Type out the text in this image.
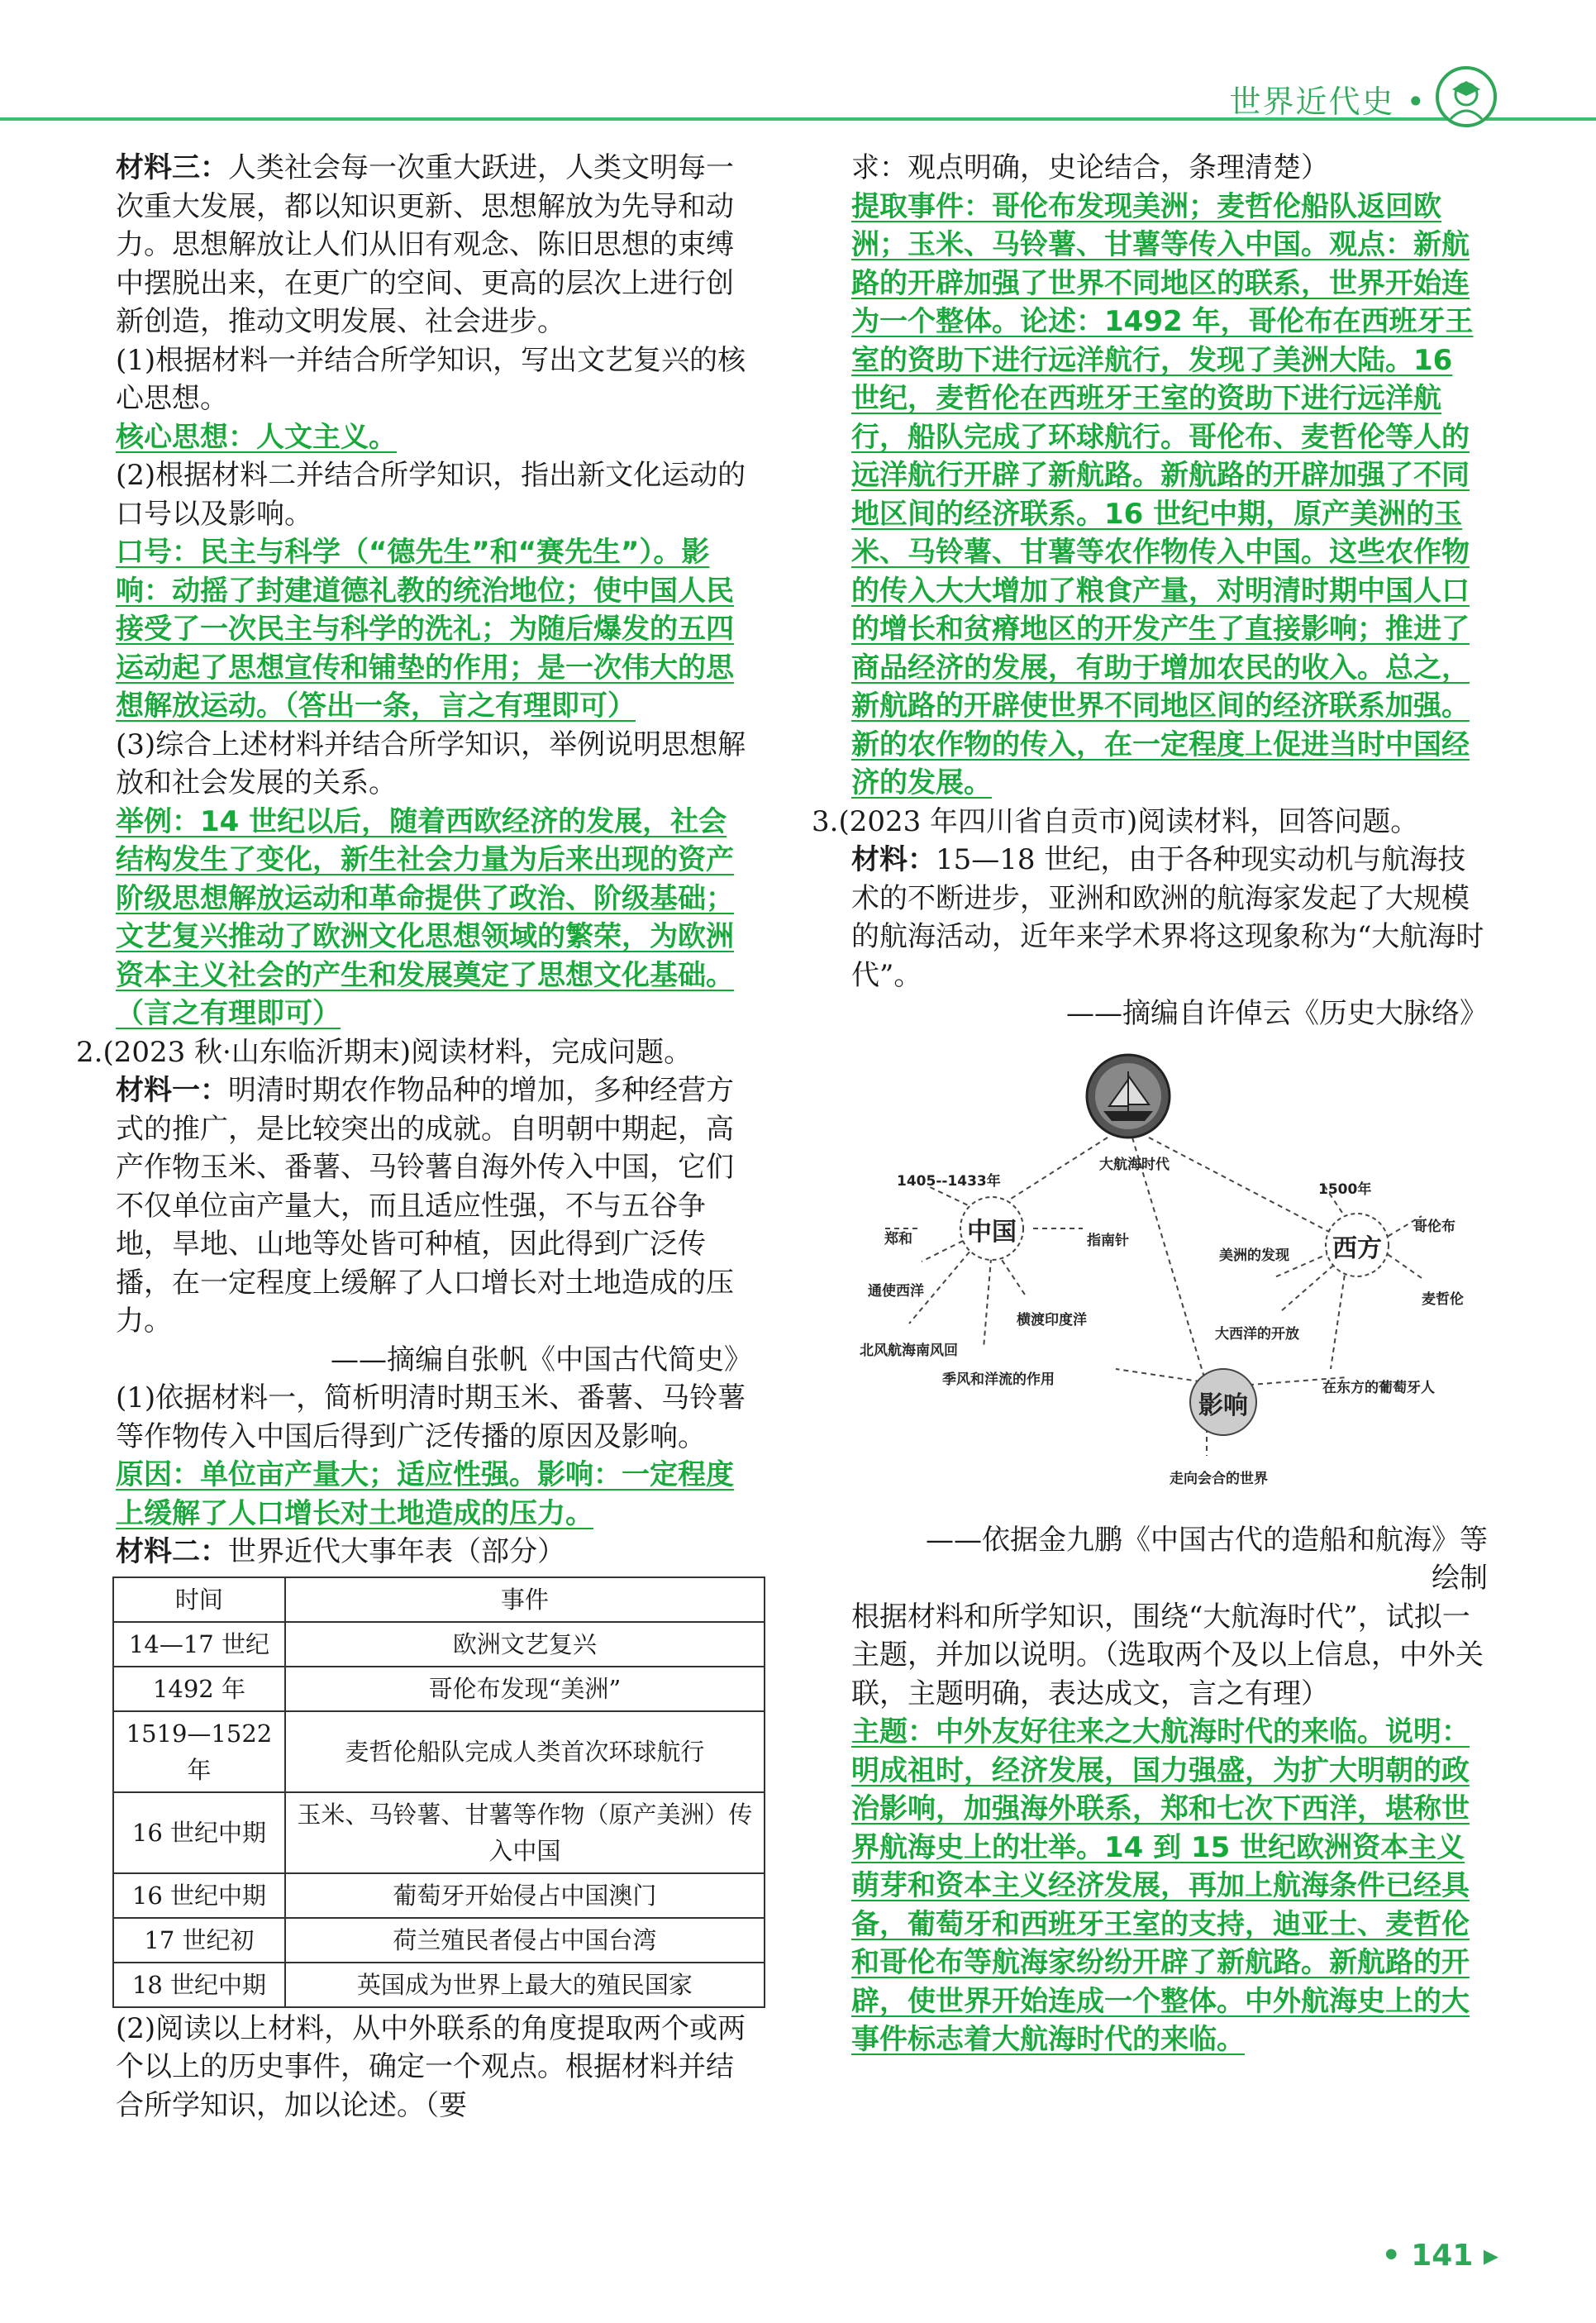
世界近代史 •

材料三：人类社会每一次重大跃进，人类文明每一次重大发展，都以知识更新、思想解放为先导和动力。思想解放让人们从旧有观念、陈旧思想的束缚中摆脱出来，在更广的空间、更高的层次上进行创新创造，推动文明发展、社会进步。

(1)根据材料一并结合所学知识，写出文艺复兴的核心思想。

核心思想：人文主义。

(2)根据材料二并结合所学知识，指出新文化运动的口号以及影响。

口号：民主与科学（“德先生”和“赛先生”）。影响：动摇了封建道德礼教的统治地位；使中国人民接受了一次民主与科学的洗礼；为随后爆发的五四运动起了思想宣传和铺垫的作用；是一次伟大的思想解放运动。（答出一条，言之有理即可）

(3)综合上述材料并结合所学知识，举例说明思想解放和社会发展的关系。

举例：14 世纪以后，随着西欧经济的发展，社会结构发生了变化，新生社会力量为后来出现的资产阶级思想解放运动和革命提供了政治、阶级基础；文艺复兴推动了欧洲文化思想领域的繁荣，为欧洲资本主义社会的产生和发展奠定了思想文化基础。（言之有理即可）

2.(2023 秋·山东临沂期末)阅读材料，完成问题。

材料一：明清时期农作物品种的增加，多种经营方式的推广，是比较突出的成就。自明朝中期起，高产作物玉米、番薯、马铃薯自海外传入中国，它们不仅单位亩产量大，而且适应性强，不与五谷争地，旱地、山地等处皆可种植，因此得到广泛传播，在一定程度上缓解了人口增长对土地造成的压力。

——摘编自张帆《中国古代简史》

(1)依据材料一，简析明清时期玉米、番薯、马铃薯等作物传入中国后得到广泛传播的原因及影响。

原因：单位亩产量大；适应性强。影响：一定程度上缓解了人口增长对土地造成的压力。

材料二：世界近代大事年表（部分）

时间	事件
14—17 世纪	欧洲文艺复兴
1492 年	哥伦布发现“美洲”
1519—1522 年	麦哲伦船队完成人类首次环球航行
16 世纪中期	玉米、马铃薯、甘薯等作物（原产美洲）传入中国
16 世纪中期	葡萄牙开始侵占中国澳门
17 世纪初	荷兰殖民者侵占中国台湾
18 世纪中期	英国成为世界上最大的殖民国家

(2)阅读以上材料，从中外联系的角度提取两个或两个以上的历史事件，确定一个观点。根据材料并结合所学知识，加以论述。（要

求：观点明确，史论结合，条理清楚）

提取事件：哥伦布发现美洲；麦哲伦船队返回欧洲；玉米、马铃薯、甘薯等传入中国。观点：新航路的开辟加强了世界不同地区的联系，世界开始连为一个整体。论述：1492 年，哥伦布在西班牙王室的资助下进行远洋航行，发现了美洲大陆。16 世纪，麦哲伦在西班牙王室的资助下进行远洋航行，船队完成了环球航行。哥伦布、麦哲伦等人的远洋航行开辟了新航路。新航路的开辟加强了不同地区间的经济联系。16 世纪中期，原产美洲的玉米、马铃薯、甘薯等农作物传入中国。这些农作物的传入大大增加了粮食产量，对明清时期中国人口的增长和贫瘠地区的开发产生了直接影响；推进了商品经济的发展，有助于增加农民的收入。总之，新航路的开辟使世界不同地区间的经济联系加强。新的农作物的传入，在一定程度上促进当时中国经济的发展。

3.(2023 年四川省自贡市)阅读材料，回答问题。

材料：15—18 世纪，由于各种现实动机与航海技术的不断进步，亚洲和欧洲的航海家发起了大规模的航海活动，近年来学术界将这现象称为“大航海时代”。

——摘编自许倬云《历史大脉络》

大航海时代
中国
西方
影响
1405--1433年
郑和	指南针
通使西洋
横渡印度洋
北风航海南风回
季风和洋流的作用
1500年
哥伦布
美洲的发现
麦哲伦
大西洋的开放
在东方的葡萄牙人
走向会合的世界

——依据金九鹏《中国古代的造船和航海》等

绘制

根据材料和所学知识，围绕“大航海时代”，试拟一主题，并加以说明。（选取两个及以上信息，中外关联，主题明确，表达成文，言之有理）

主题：中外友好往来之大航海时代的来临。说明：明成祖时，经济发展，国力强盛，为扩大明朝的政治影响，加强海外联系，郑和七次下西洋，堪称世界航海史上的壮举。14 到 15 世纪欧洲资本主义萌芽和资本主义经济发展，再加上航海条件已经具备，葡萄牙和西班牙王室的支持，迪亚士、麦哲伦和哥伦布等航海家纷纷开辟了新航路。新航路的开辟，使世界开始连成一个整体。中外航海史上的大事件标志着大航海时代的来临。

• 141 ▸
